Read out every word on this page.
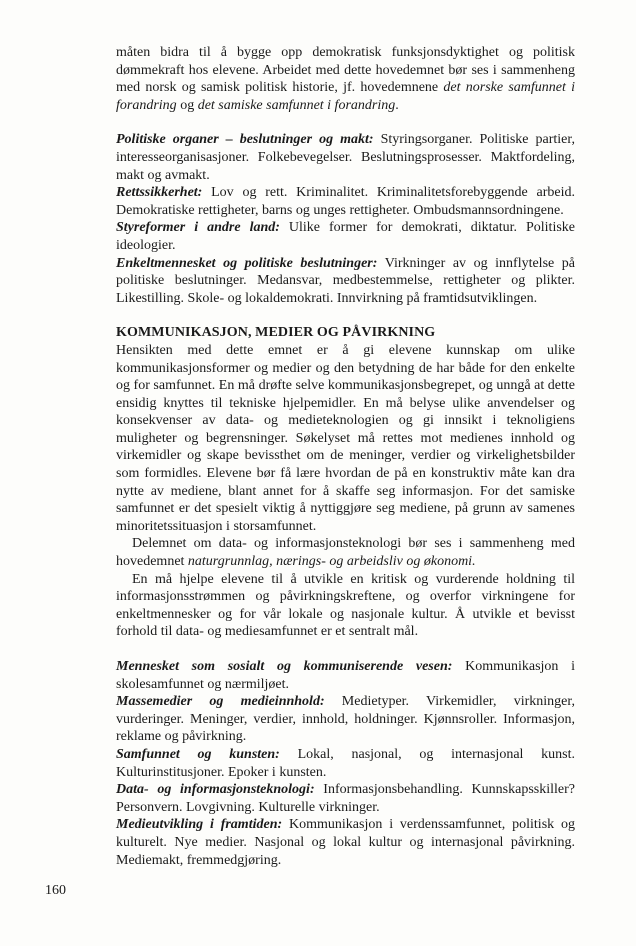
måten bidra til å bygge opp demokratisk funksjonsdyktighet og politisk dømmekraft hos elevene. Arbeidet med dette hovedemnet bør ses i sammenheng med norsk og samisk politisk historie, jf. hovedemnene det norske samfunnet i forandring og det samiske samfunnet i forandring.

Politiske organer – beslutninger og makt: Styringsorganer. Politiske partier, interesseorganisasjoner. Folkebevegelser. Beslutningsprosesser. Maktfordeling, makt og avmakt.

Rettssikkerhet: Lov og rett. Kriminalitet. Kriminalitetsforebyggende arbeid. Demokratiske rettigheter, barns og unges rettigheter. Ombudsmannsordningene.

Styreformer i andre land: Ulike former for demokrati, diktatur. Politiske ideologier.

Enkeltmennesket og politiske beslutninger: Virkninger av og innflytelse på politiske beslutninger. Medansvar, medbestemmelse, rettigheter og plikter. Likestilling. Skole- og lokaldemokrati. Innvirkning på framtidsutviklingen.

KOMMUNIKASJON, MEDIER OG PÅVIRKNING

Hensikten med dette emnet er å gi elevene kunnskap om ulike kommunikasjonsformer og medier og den betydning de har både for den enkelte og for samfunnet. En må drøfte selve kommunikasjonsbegrepet, og unngå at dette ensidig knyttes til tekniske hjelpemidler. En må belyse ulike anvendelser og konsekvenser av data- og medieteknologien og gi innsikt i teknoligiens muligheter og begrensninger. Søkelyset må rettes mot medienes innhold og virkemidler og skape bevissthet om de meninger, verdier og virkelighetsbilder som formidles. Elevene bør få lære hvordan de på en konstruktiv måte kan dra nytte av mediene, blant annet for å skaffe seg informasjon. For det samiske samfunnet er det spesielt viktig å nyttiggjøre seg mediene, på grunn av samenes minoritetssituasjon i storsamfunnet.

Delemnet om data- og informasjonsteknologi bør ses i sammenheng med hovedemnet naturgrunnlag, nærings- og arbeidsliv og økonomi.

En må hjelpe elevene til å utvikle en kritisk og vurderende holdning til informasjonsstrømmen og påvirkningskreftene, og overfor virkningene for enkeltmennesker og for vår lokale og nasjonale kultur. Å utvikle et bevisst forhold til data- og mediesamfunnet er et sentralt mål.

Mennesket som sosialt og kommuniserende vesen: Kommunikasjon i skolesamfunnet og nærmiljøet.

Massemedier og medieinnhold: Medietyper. Virkemidler, virkninger, vurderinger. Meninger, verdier, innhold, holdninger. Kjønnsroller. Informasjon, reklame og påvirkning.

Samfunnet og kunsten: Lokal, nasjonal, og internasjonal kunst. Kulturinstitusjoner. Epoker i kunsten.

Data- og informasjonsteknologi: Informasjonsbehandling. Kunnskapsskiller? Personvern. Lovgivning. Kulturelle virkninger.

Medieutvikling i framtiden: Kommunikasjon i verdenssamfunnet, politisk og kulturelt. Nye medier. Nasjonal og lokal kultur og internasjonal påvirkning. Mediemakt, fremmedgjøring.

160
